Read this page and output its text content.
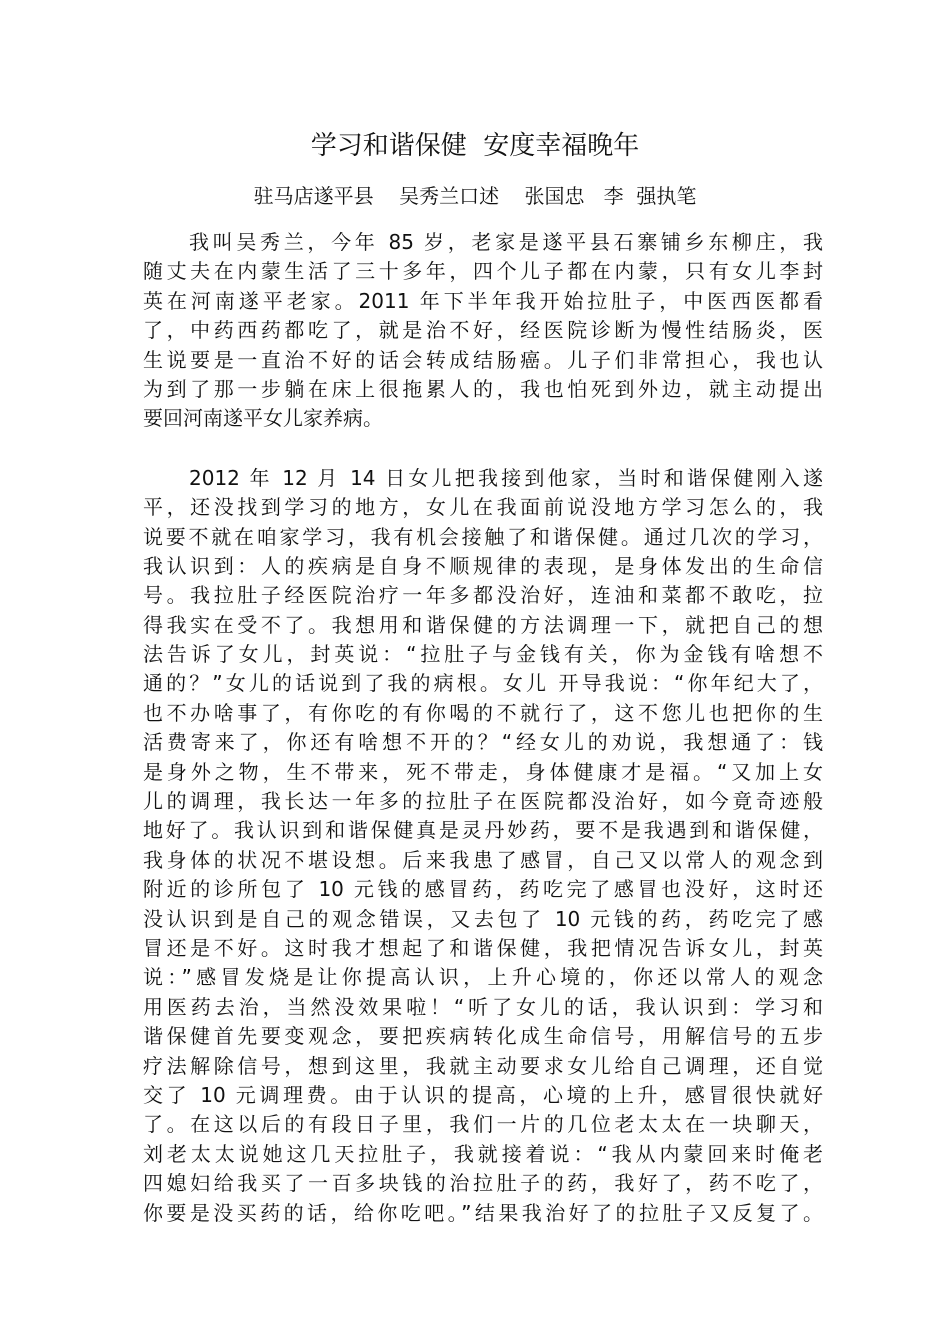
学习和谐保健  安度幸福晚年
驻马店遂平县    吴秀兰口述    张国忠   李  强执笔
我叫吴秀兰，今年 85 岁，老家是遂平县石寨铺乡东柳庄，我
随丈夫在内蒙生活了三十多年，四个儿子都在内蒙，只有女儿李封
英在河南遂平老家。2011 年下半年我开始拉肚子，中医西医都看
了，中药西药都吃了，就是治不好，经医院诊断为慢性结肠炎，医
生说要是一直治不好的话会转成结肠癌。儿子们非常担心，我也认
为到了那一步躺在床上很拖累人的，我也怕死到外边，就主动提出
要回河南遂平女儿家养病。
2012 年 12 月 14 日女儿把我接到他家，当时和谐保健刚入遂
平，还没找到学习的地方，女儿在我面前说没地方学习怎么的，我
说要不就在咱家学习，我有机会接触了和谐保健。通过几次的学习，
我认识到：人的疾病是自身不顺规律的表现，是身体发出的生命信
号。我拉肚子经医院治疗一年多都没治好，连油和菜都不敢吃，拉
得我实在受不了。我想用和谐保健的方法调理一下，就把自己的想
法告诉了女儿，封英说：“拉肚子与金钱有关，你为金钱有啥想不
通的？”女儿的话说到了我的病根。女儿 开导我说：“你年纪大了，
也不办啥事了，有你吃的有你喝的不就行了，这不您儿也把你的生
活费寄来了，你还有啥想不开的？“经女儿的劝说，我想通了：钱
是身外之物，生不带来，死不带走，身体健康才是福。“又加上女
儿的调理，我长达一年多的拉肚子在医院都没治好，如今竟奇迹般
地好了。我认识到和谐保健真是灵丹妙药，要不是我遇到和谐保健，
我身体的状况不堪设想。后来我患了感冒，自己又以常人的观念到
附近的诊所包了 10 元钱的感冒药，药吃完了感冒也没好，这时还
没认识到是自己的观念错误，又去包了 10 元钱的药，药吃完了感
冒还是不好。这时我才想起了和谐保健，我把情况告诉女儿，封英
说：”感冒发烧是让你提高认识，上升心境的，你还以常人的观念
用医药去治，当然没效果啦！“听了女儿的话，我认识到：学习和
谐保健首先要变观念，要把疾病转化成生命信号，用解信号的五步
疗法解除信号，想到这里，我就主动要求女儿给自己调理，还自觉
交了 10 元调理费。由于认识的提高，心境的上升，感冒很快就好
了。在这以后的有段日子里，我们一片的几位老太太在一块聊天，
刘老太太说她这几天拉肚子，我就接着说：“我从内蒙回来时俺老
四媳妇给我买了一百多块钱的治拉肚子的药，我好了，药不吃了，
你要是没买药的话，给你吃吧。”结果我治好了的拉肚子又反复了。
